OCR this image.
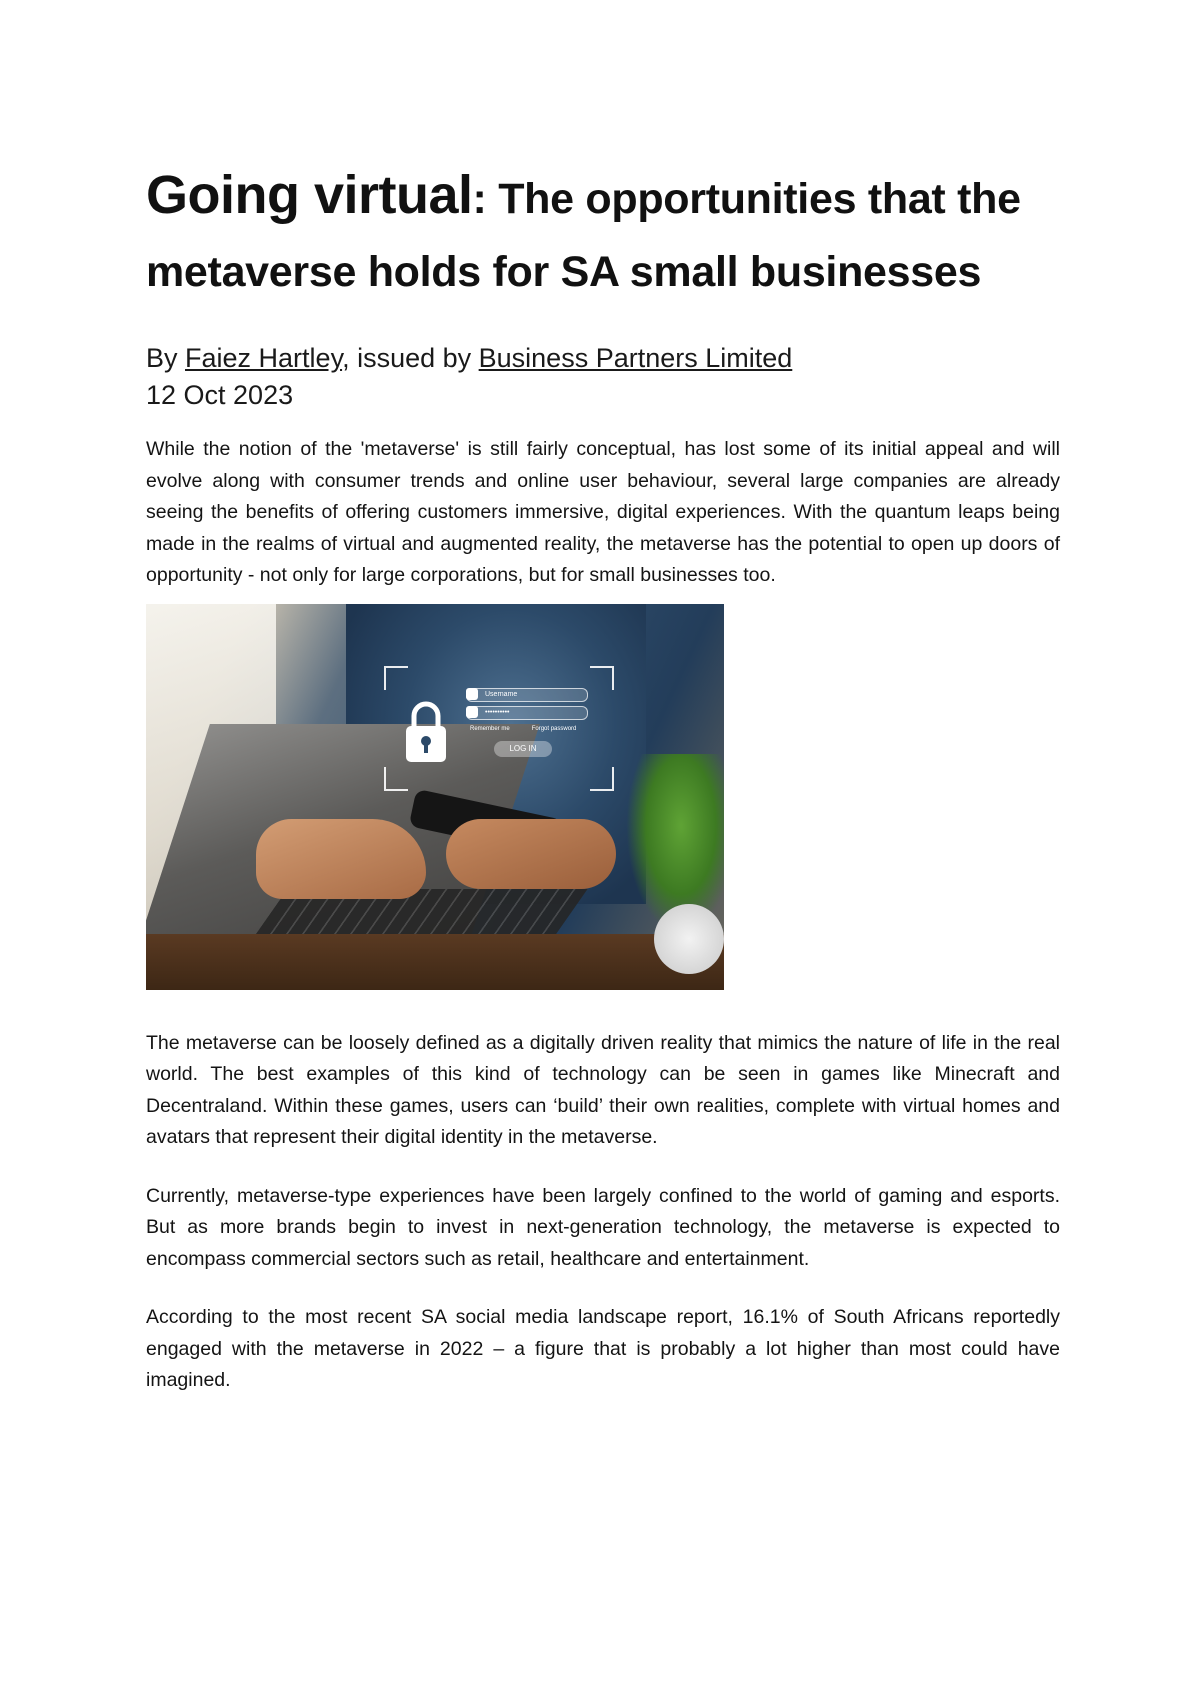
Going virtual: The opportunities that the metaverse holds for SA small businesses
By Faiez Hartley, issued by Business Partners Limited
12 Oct 2023

While the notion of the 'metaverse' is still fairly conceptual, has lost some of its initial appeal and will evolve along with consumer trends and online user behaviour, several large companies are already seeing the benefits of offering customers immersive, digital experiences. With the quantum leaps being made in the realms of virtual and augmented reality, the metaverse has the potential to open up doors of opportunity - not only for large corporations, but for small businesses too.

Username
••••••••••
Remember me	Forgot password
LOG IN

The metaverse can be loosely defined as a digitally driven reality that mimics the nature of life in the real world. The best examples of this kind of technology can be seen in games like Minecraft and Decentraland. Within these games, users can ‘build’ their own realities, complete with virtual homes and avatars that represent their digital identity in the metaverse.

Currently, metaverse-type experiences have been largely confined to the world of gaming and esports. But as more brands begin to invest in next-generation technology, the metaverse is expected to encompass commercial sectors such as retail, healthcare and entertainment.

According to the most recent SA social media landscape report, 16.1% of South Africans reportedly engaged with the metaverse in 2022 – a figure that is probably a lot higher than most could have imagined.
